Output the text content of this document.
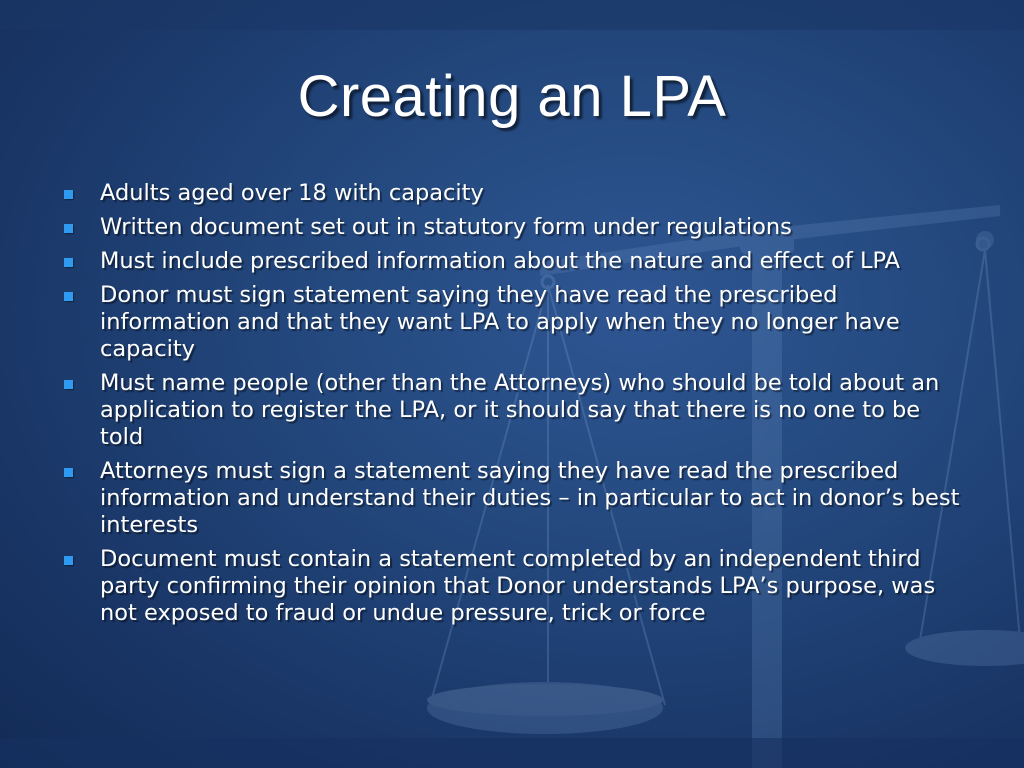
Creating an LPA
Adults aged over 18 with capacity
Written document set out in statutory form under regulations
Must include prescribed information about the nature and effect of LPA
Donor must sign statement saying they have read the prescribed information and that they want LPA to apply when they no longer have capacity
Must name people (other than the Attorneys) who should be told about an application to register the LPA, or it should say that there is no one to be told
Attorneys must sign a statement saying they have read the prescribed information and understand their duties – in particular to act in donor’s best interests
Document must contain a statement completed by an independent third party confirming their opinion that Donor understands LPA’s purpose, was not exposed to fraud or undue pressure, trick or force
